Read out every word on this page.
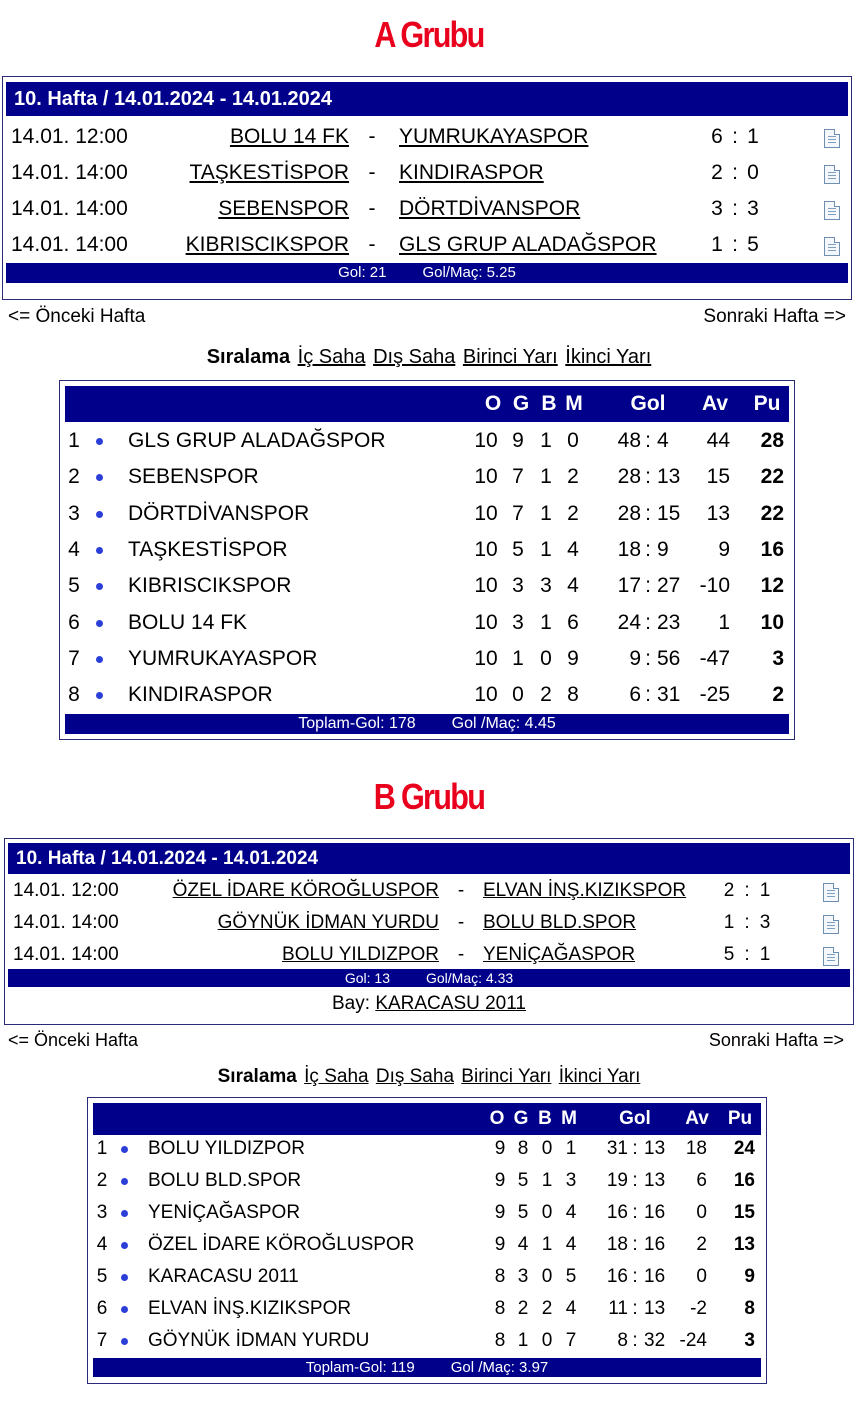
A Grubu
10. Hafta / 14.01.2024 - 14.01.2024
14.01. 12:00	BOLU 14 FK - YUMRUKAYASPOR	6 : 1
14.01. 14:00	TAŞKESTİSPOR - KINDIRASPOR	2 : 0
14.01. 14:00	SEBENSPOR - DÖRTDİVANSPOR	3 : 3
14.01. 14:00	KIBRISCIKSPOR - GLS GRUP ALADAĞSPOR	1 : 5
Gol: 21 Gol/Maç: 5.25
<= Önceki Hafta	Sonraki Hafta =>
Sıralama İç Saha Dış Saha Birinci Yarı İkinci Yarı
O G B M	Gol	Av	Pu
1 GLS GRUP ALADAĞSPOR	10 9 1 0	48 : 4	44	28
2 SEBENSPOR	10 7 1 2	28 : 13	15	22
3 DÖRTDİVANSPOR	10 7 1 2	28 : 15	13	22
4 TAŞKESTİSPOR	10 5 1 4	18 : 9	9	16
5 KIBRISCIKSPOR	10 3 3 4	17 : 27 -10	12
6 BOLU 14 FK	10 3 1 6	24 : 23	1	10
7 YUMRUKAYASPOR	10 1 0 9	9 : 56 -47	3
8 KINDIRASPOR	10 0 2 8	6 : 31 -25	2
Toplam-Gol: 178 Gol /Maç: 4.45
B Grubu
10. Hafta / 14.01.2024 - 14.01.2024
14.01. 12:00	ÖZEL İDARE KÖROĞLUSPOR - ELVAN İNŞ.KIZIKSPOR 2 : 1
14.01. 14:00	GÖYNÜK İDMAN YURDU - BOLU BLD.SPOR	1 : 3
14.01. 14:00	BOLU YILDIZPOR - YENİÇAĞASPOR	5 : 1
Gol: 13	Gol/Maç: 4.33
Bay: KARACASU 2011
<= Önceki Hafta	Sonraki Hafta =>
Sıralama İç Saha Dış Saha Birinci Yarı İkinci Yarı
O G B M	Gol	Av	Pu
1 BOLU YILDIZPOR	9 8 0 1	31 : 13	18	24
2 BOLU BLD.SPOR	9 5 1 3	19 : 13	6	16
3 YENİÇAĞASPOR	9 5 0 4	16 : 16	0	15
4 ÖZEL İDARE KÖROĞLUSPOR	9 4 1 4	18 : 16	2	13
5 KARACASU 2011	8 3 0 5	16 : 16	0	9
6 ELVAN İNŞ.KIZIKSPOR	8 2 2 4	11 : 13	-2	8
7 GÖYNÜK İDMAN YURDU	8 1 0 7	8 : 32 -24	3
Toplam-Gol: 119 Gol /Maç: 3.97
